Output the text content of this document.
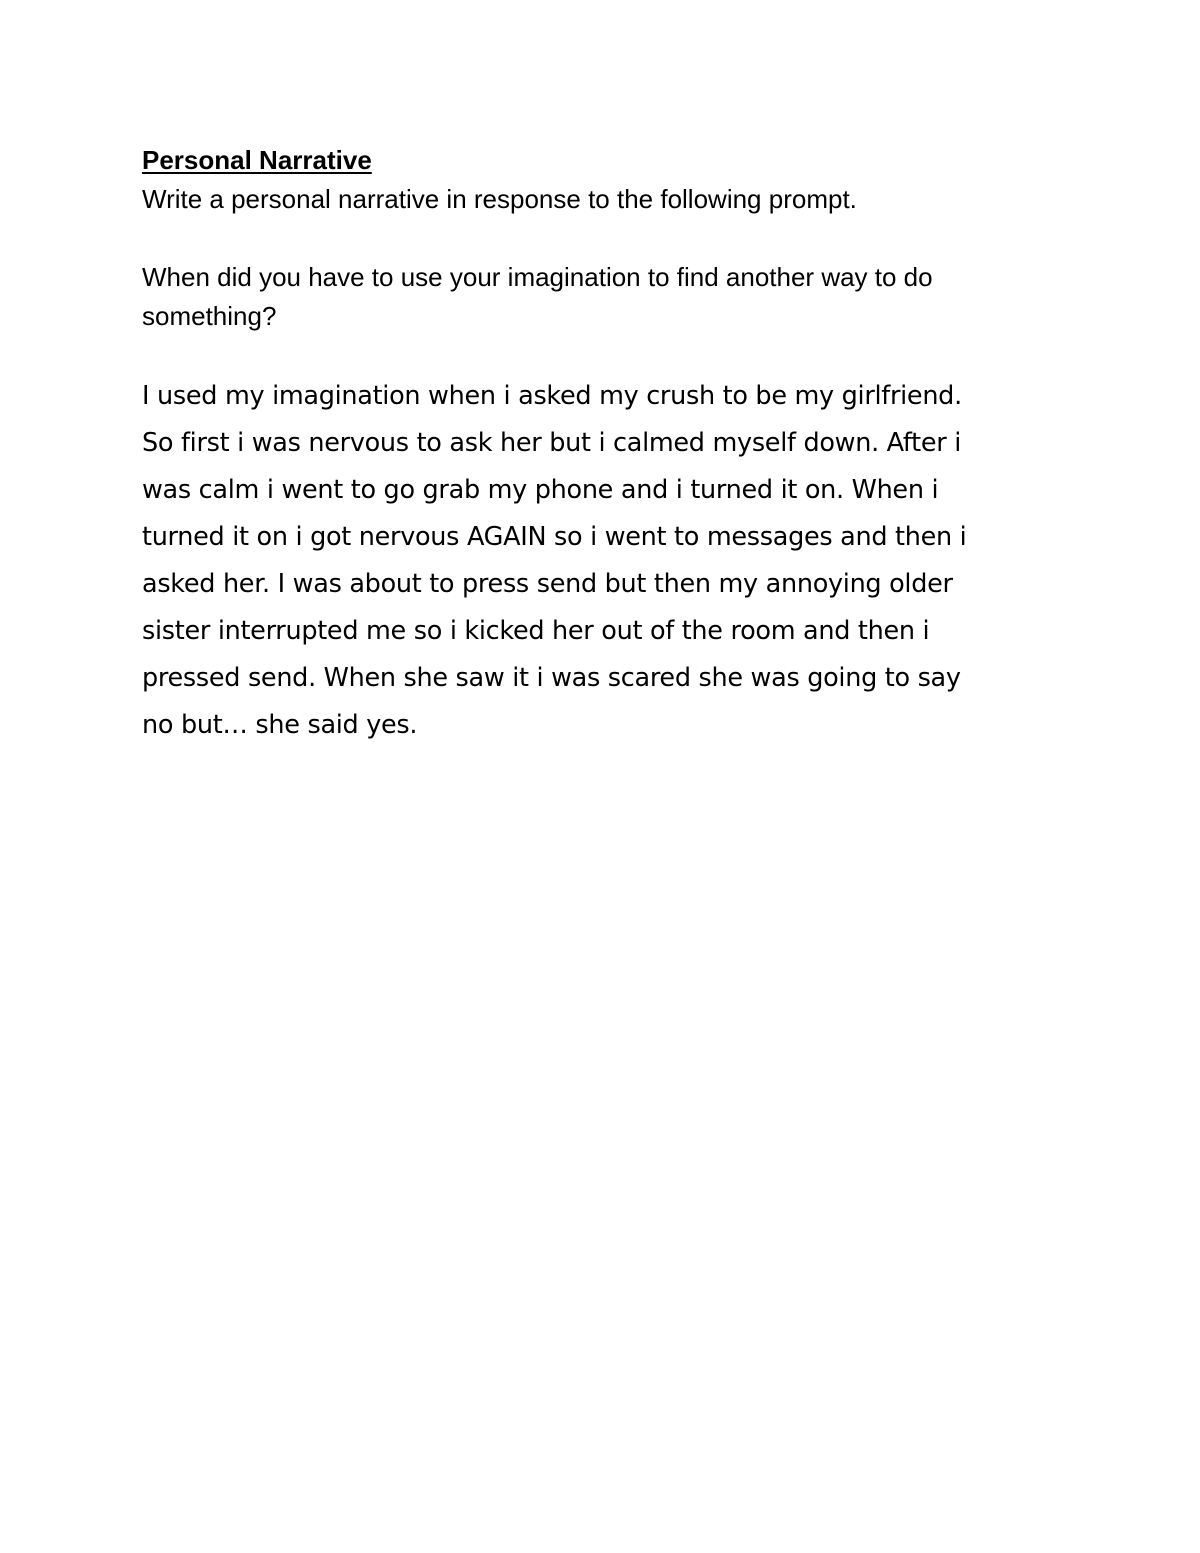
Personal Narrative
Write a personal narrative in response to the following prompt.
When did you have to use your imagination to find another way to do
something?
I used my imagination when i asked my crush to be my girlfriend.
So first i was nervous to ask her but i calmed myself down. After i
was calm i went to go grab my phone and i turned it on. When i
turned it on i got nervous AGAIN so i went to messages and then i
asked her. I was about to press send but then my annoying older
sister interrupted me so i kicked her out of the room and then i
pressed send. When she saw it i was scared she was going to say
no but… she said yes.
